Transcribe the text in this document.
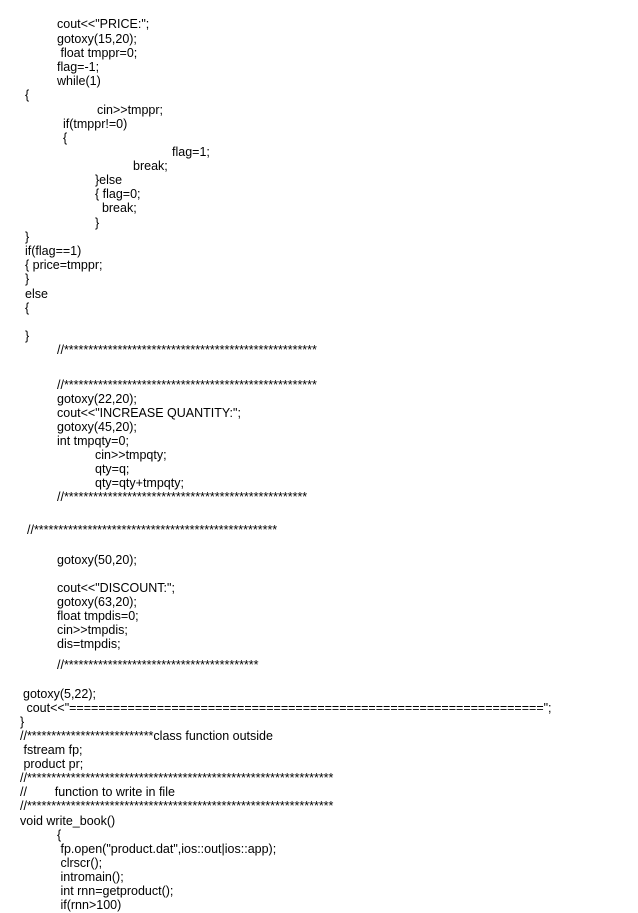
cout<<"PRICE:";
gotoxy(15,20);
float tmppr=0;
flag=-1;
while(1)
{
cin>>tmppr;
if(tmppr!=0)
{
flag=1;
break;
}else
{ flag=0;
break;
}
}
if(flag==1)
{ price=tmppr;
}
else
{
}
//****************************************************
//****************************************************
gotoxy(22,20);
cout<<"INCREASE QUANTITY:";
gotoxy(45,20);
int tmpqty=0;
cin>>tmpqty;
qty=q;
qty=qty+tmpqty;
//**************************************************
//**************************************************
gotoxy(50,20);
cout<<"DISCOUNT:";
gotoxy(63,20);
float tmpdis=0;
cin>>tmpdis;
dis=tmpdis;
//****************************************
gotoxy(5,22);
cout<<"=================================================================";
}
//**************************class function outside
fstream fp;
product pr;
//***************************************************************
//        function to write in file
//***************************************************************
void write_book()
{
fp.open("product.dat",ios::out|ios::app);
clrscr();
intromain();
int rnn=getproduct();
if(rnn>100)
